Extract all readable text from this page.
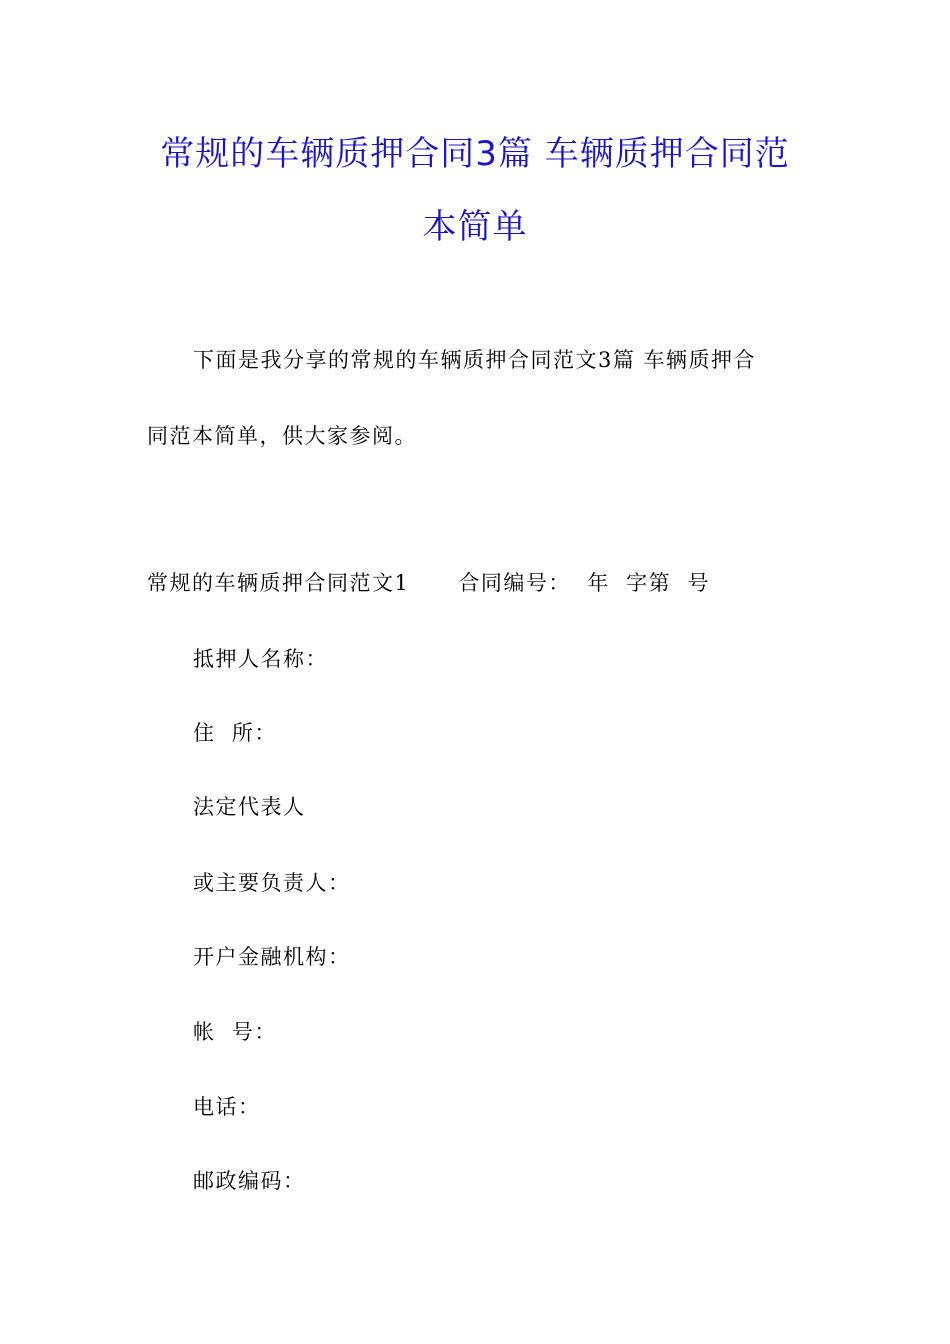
常规的车辆质押合同3篇 车辆质押合同范
本简单
下面是我分享的常规的车辆质押合同范文3篇 车辆质押合
同范本简单，供大家参阅。
常规的车辆质押合同范文1      合同编号：  年  字第  号
抵押人名称：
住  所：
法定代表人
或主要负责人：
开户金融机构：
帐  号：
电话：
邮政编码：
